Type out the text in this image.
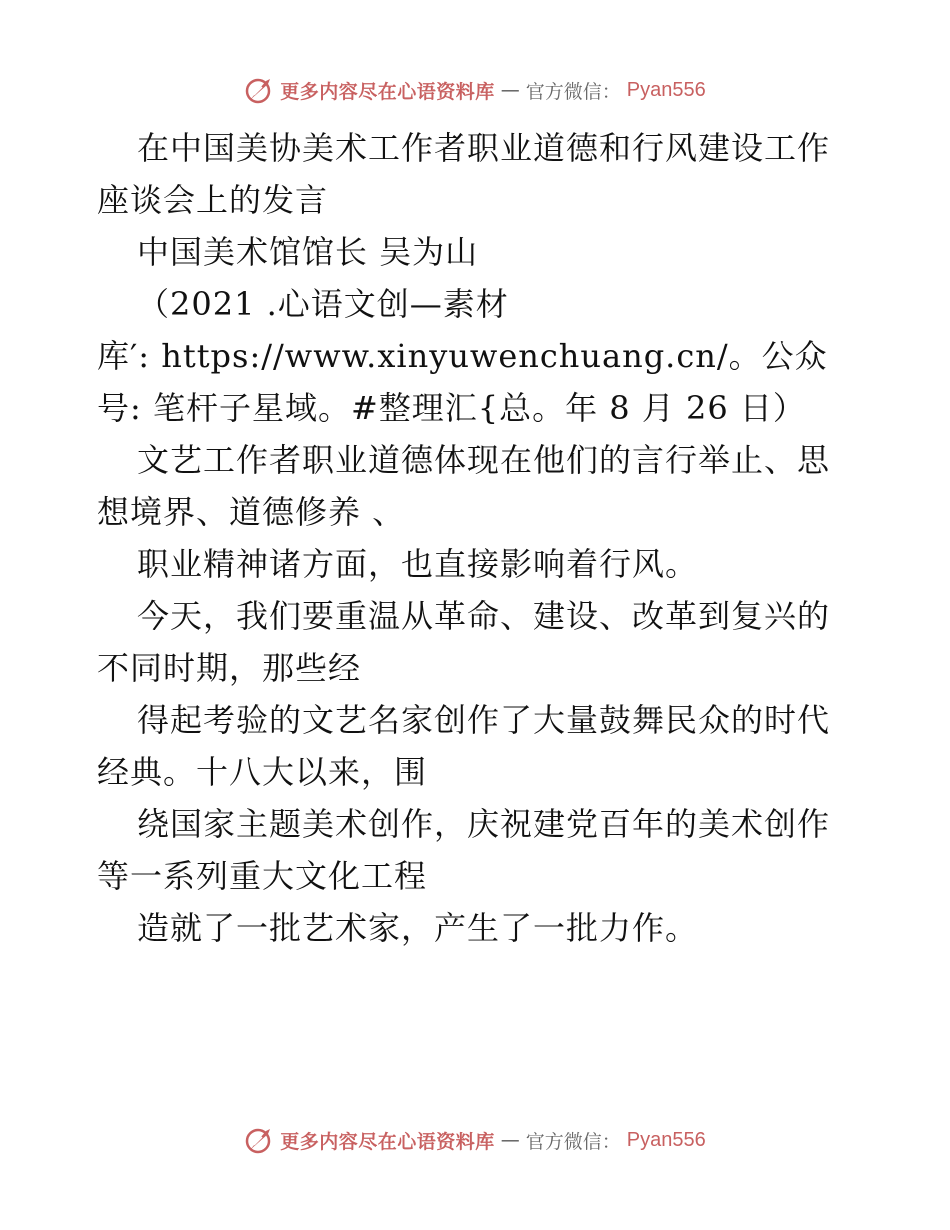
更多内容尽在心语资料库 — 官方微信： Pyan556
在中国美协美术工作者职业道德和行风建设工作
座谈会上的发言
中国美术馆馆长 吴为山
（2021 .心语文创—素材
库′: https://www.xinyuwenchuang.cn/。公众
号: 笔杆子星域。#整理汇{总。年 8 月 26 日）
文艺工作者职业道德体现在他们的言行举止、思
想境界、道德修养 、
职业精神诸方面，也直接影响着行风。
今天，我们要重温从革命、建设、改革到复兴的
不同时期，那些经
得起考验的文艺名家创作了大量鼓舞民众的时代
经典。十八大以来，围
绕国家主题美术创作，庆祝建党百年的美术创作
等一系列重大文化工程
造就了一批艺术家，产生了一批力作。
更多内容尽在心语资料库 — 官方微信： Pyan556
